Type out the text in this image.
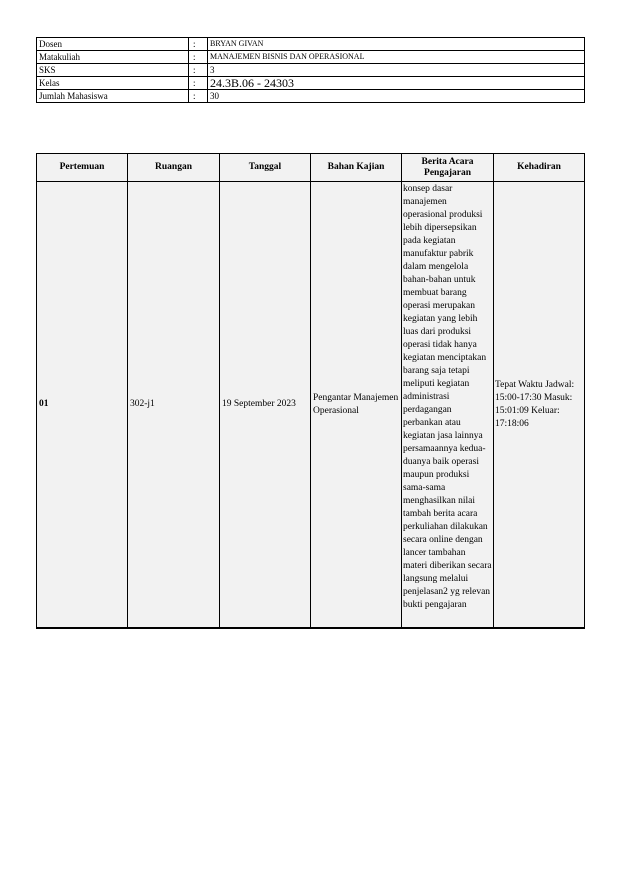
Dosen	:	BRYAN GIVAN
Matakuliah	:	MANAJEMEN BISNIS DAN OPERASIONAL
SKS	:	3
Kelas	:	24.3B.06 - 24303
Jumlah Mahasiswa	:	30
Pertemuan	Ruangan	Tanggal	Bahan Kajian	Berita Acara Pengajaran	Kehadiran
01	302-j1	19 September 2023	Pengantar Manajemen Operasional	konsep dasar manajemen operasional produksi lebih dipersepsikan pada kegiatan manufaktur pabrik dalam mengelola bahan-bahan untuk membuat barang operasi merupakan kegiatan yang lebih luas dari produksi operasi tidak hanya kegiatan menciptakan barang saja tetapi meliputi kegiatan administrasi perdagangan perbankan atau kegiatan jasa lainnya persamaannya kedua-duanya baik operasi maupun produksi sama-sama menghasilkan nilai tambah berita acara perkuliahan dilakukan secara online dengan lancer tambahan materi diberikan secara langsung melalui penjelasan2 yg relevan bukti pengajaran	Tepat Waktu Jadwal: 15:00-17:30 Masuk: 15:01:09 Keluar: 17:18:06
